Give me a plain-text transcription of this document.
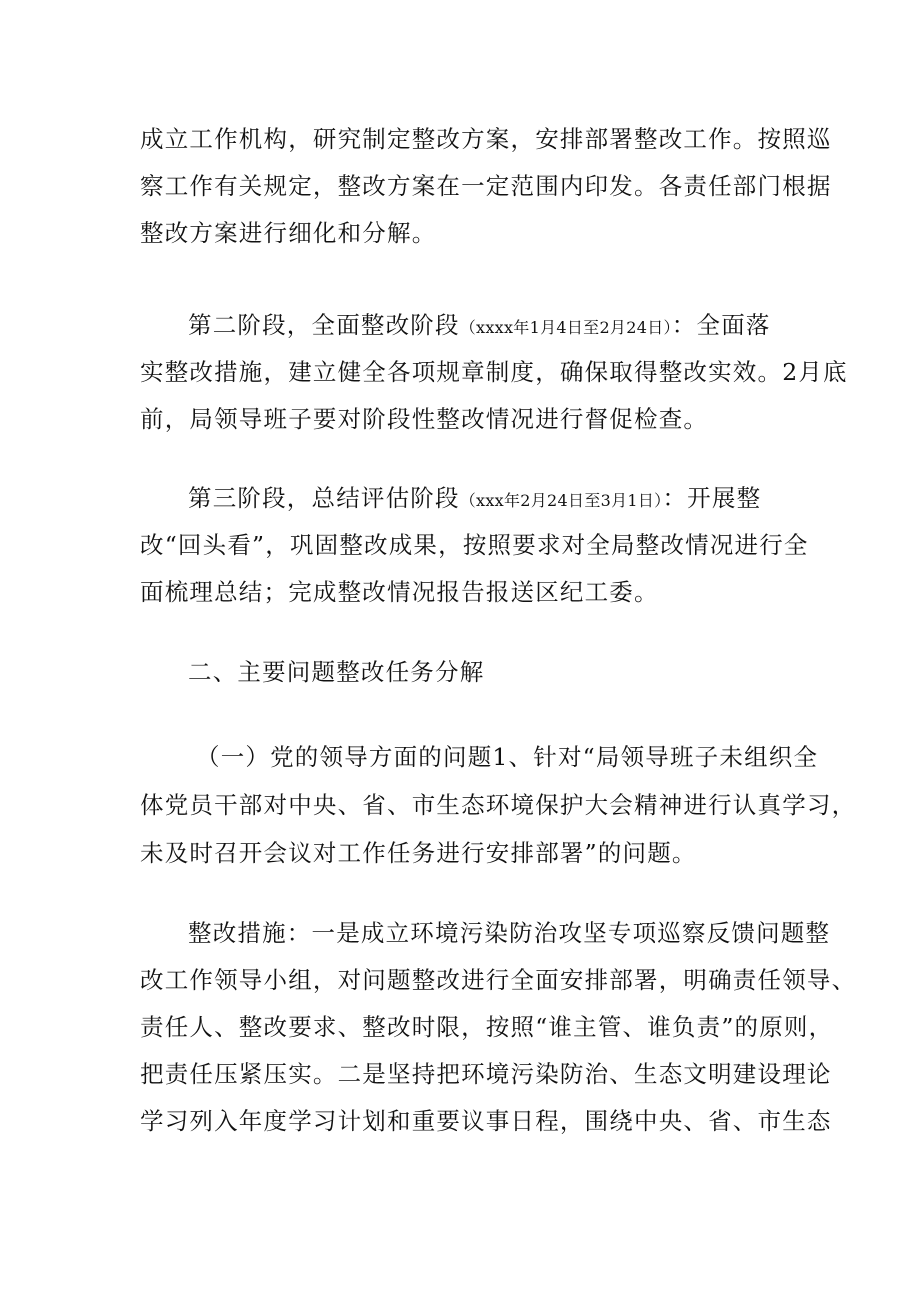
成立工作机构，研究制定整改方案，安排部署整改工作。按照巡
察工作有关规定，整改方案在一定范围内印发。各责任部门根据
整改方案进行细化和分解。
第二阶段，全面整改阶段（xxxx年1月4日至2月24日）：全面落
实整改措施，建立健全各项规章制度，确保取得整改实效。2月底
前，局领导班子要对阶段性整改情况进行督促检查。
第三阶段，总结评估阶段（xxx年2月24日至3月1日）：开展整
改“回头看”，巩固整改成果，按照要求对全局整改情况进行全
面梳理总结；完成整改情况报告报送区纪工委。
二、主要问题整改任务分解
（一）党的领导方面的问题1、针对“局领导班子未组织全
体党员干部对中央、省、市生态环境保护大会精神进行认真学习，
未及时召开会议对工作任务进行安排部署”的问题。
整改措施：一是成立环境污染防治攻坚专项巡察反馈问题整
改工作领导小组，对问题整改进行全面安排部署，明确责任领导、
责任人、整改要求、整改时限，按照“谁主管、谁负责”的原则，
把责任压紧压实。二是坚持把环境污染防治、生态文明建设理论
学习列入年度学习计划和重要议事日程，围绕中央、省、市生态
